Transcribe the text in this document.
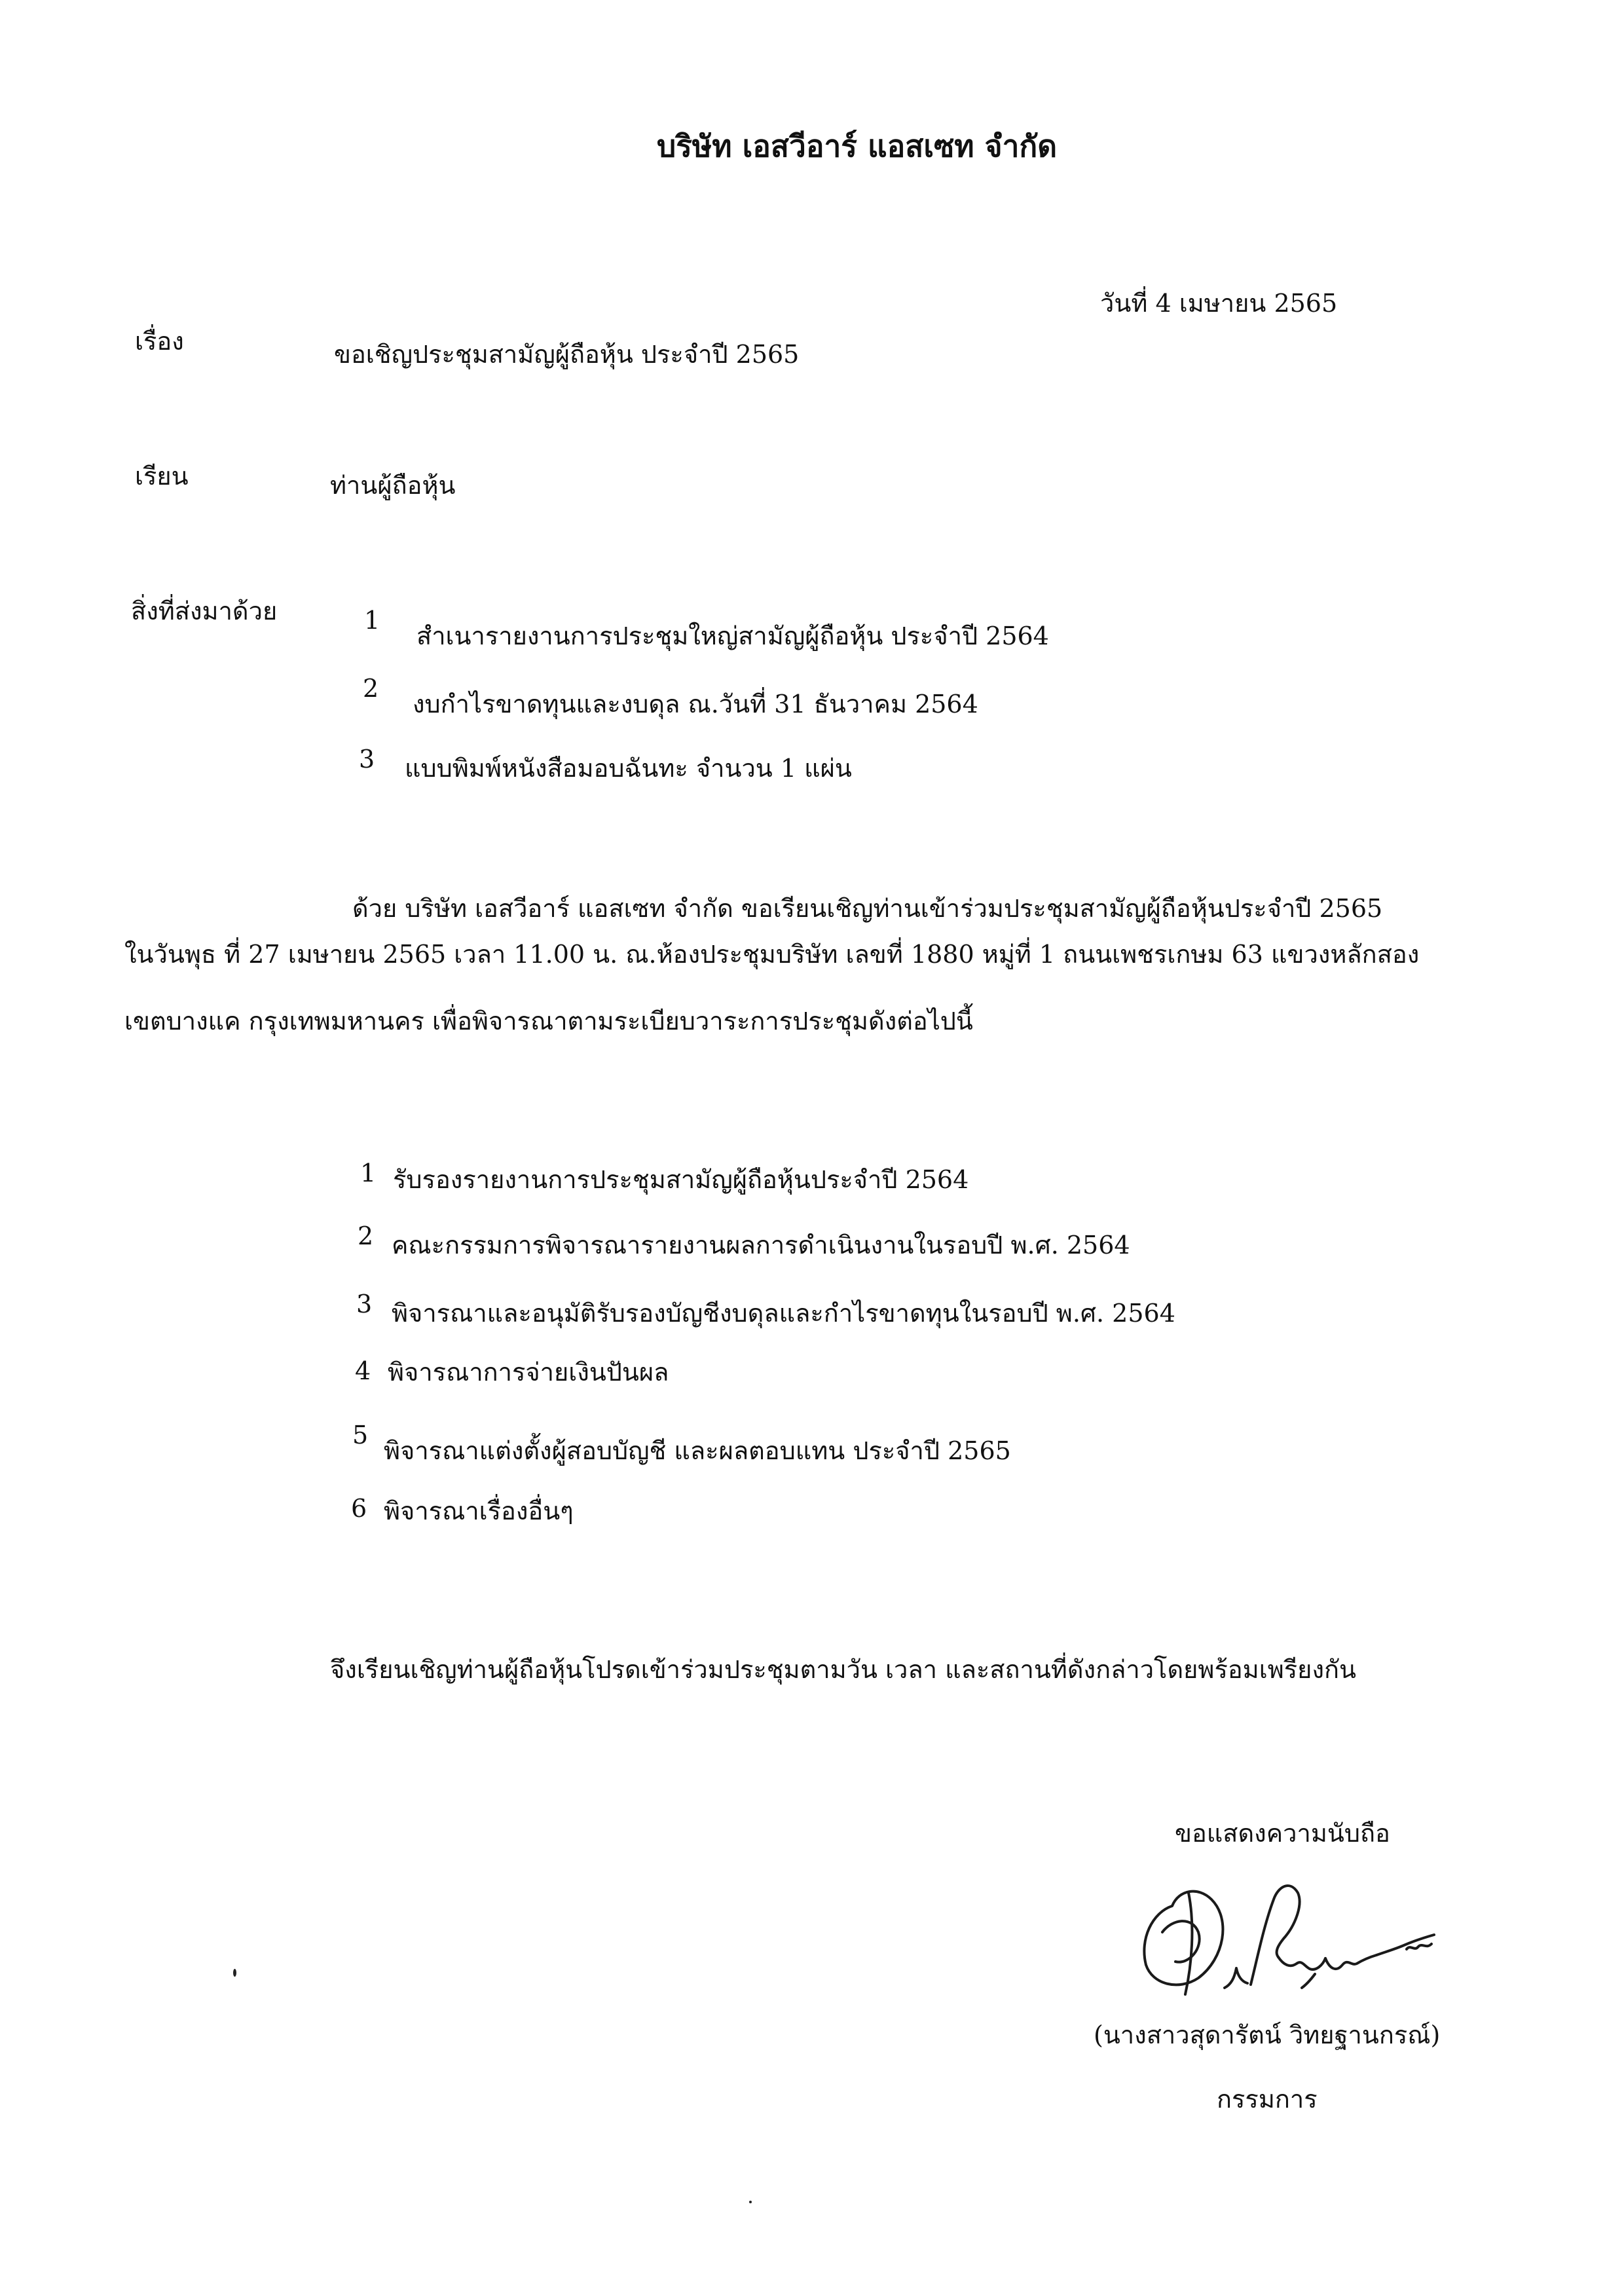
บริษัท เอสวีอาร์ แอสเซท จำกัด
วันที่ 4 เมษายน 2565
เรื่อง	ขอเชิญประชุมสามัญผู้ถือหุ้น ประจำปี 2565
เรียน	ท่านผู้ถือหุ้น
สิ่งที่ส่งมาด้วย	1
สำเนารายงานการประชุมใหญ่สามัญผู้ถือหุ้น ประจำปี 2564
2
งบกำไรขาดทุนและงบดุล ณ.วันที่ 31 ธันวาคม 2564
3 แบบพิมพ์หนังสือมอบฉันทะ จำนวน 1 แผ่น
ด้วย บริษัท เอสวีอาร์ แอสเซท จำกัด ขอเรียนเชิญท่านเข้าร่วมประชุมสามัญผู้ถือหุ้นประจำปี 2565
ในวันพุธ ที่ 27 เมษายน 2565 เวลา 11.00 น. ณ.ห้องประชุมบริษัท เลขที่ 1880 หมู่ที่ 1 ถนนเพชรเกษม 63 แขวงหลักสอง
เขตบางแค กรุงเทพมหานคร เพื่อพิจารณาตามระเบียบวาระการประชุมดังต่อไปนี้
1 รับรองรายงานการประชุมสามัญผู้ถือหุ้นประจำปี 2564
2 คณะกรรมการพิจารณารายงานผลการดำเนินงานในรอบปี พ.ศ. 2564
3 พิจารณาและอนุมัติรับรองบัญชีงบดุลและกำไรขาดทุนในรอบปี พ.ศ. 2564
4 พิจารณาการจ่ายเงินปันผล
5
พิจารณาแต่งตั้งผู้สอบบัญชี และผลตอบแทน ประจำปี 2565
6 พิจารณาเรื่องอื่นๆ
จึงเรียนเชิญท่านผู้ถือหุ้นโปรดเข้าร่วมประชุมตามวัน เวลา และสถานที่ดังกล่าวโดยพร้อมเพรียงกัน
ขอแสดงความนับถือ
(นางสาวสุดารัตน์ วิทยฐานกรณ์)
กรรมการ
